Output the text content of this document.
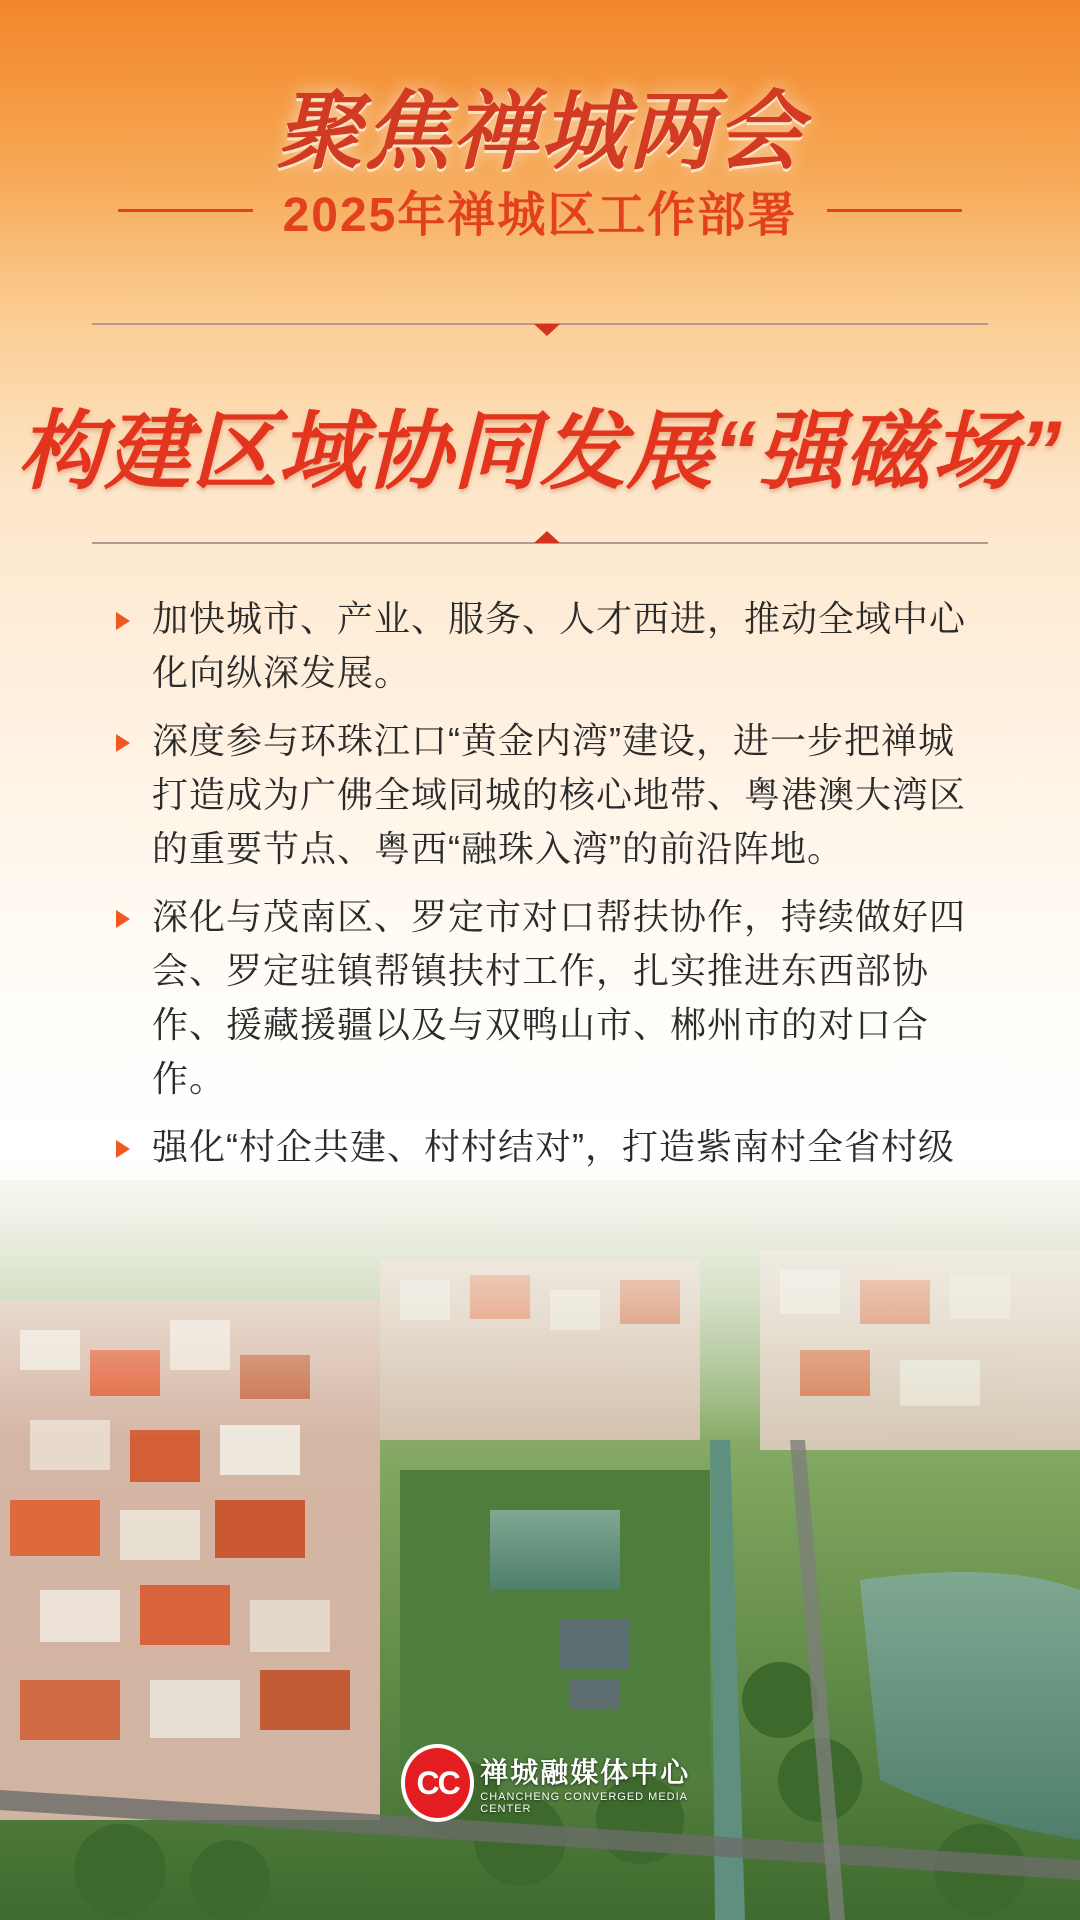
聚焦禅城两会
2025年禅城区工作部署
构建区域协同发展“强磁场”
加快城市、产业、服务、人才西进，推动全域中心化向纵深发展。
深度参与环珠江口“黄金内湾”建设，进一步把禅城打造成为广佛全域同城的核心地带、粤港澳大湾区的重要节点、粤西“融珠入湾”的前沿阵地。
深化与茂南区、罗定市对口帮扶协作，持续做好四会、罗定驻镇帮镇扶村工作，扎实推进东西部协作、援藏援疆以及与双鸭山市、郴州市的对口合作。
强化“村企共建、村村结对”，打造紫南村全省村级
CC 禅城融媒体中心
CHANCHENG CONVERGED MEDIA CENTER
